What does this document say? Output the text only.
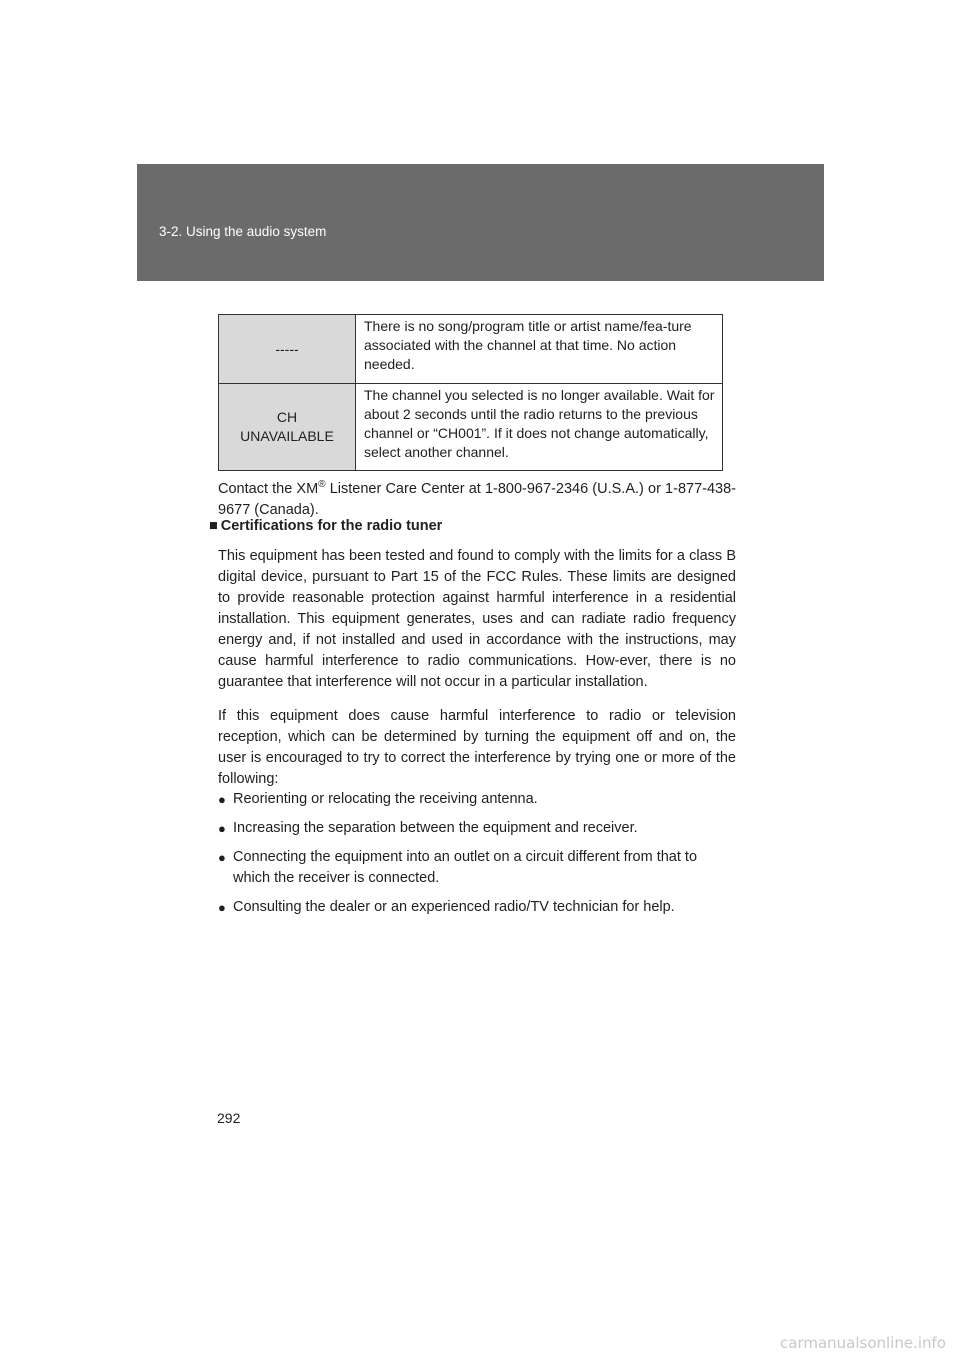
3-2. Using the audio system
-----	There is no song/program title or artist name/fea-ture associated with the channel at that time. No action needed.

CH
UNAVAILABLE	The channel you selected is no longer available. Wait for about 2 seconds until the radio returns to the previous channel or “CH001”. If it does not change automatically, select another channel.
Contact the XM® Listener Care Center at 1-800-967-2346 (U.S.A.) or 1-877-438-9677 (Canada).
■ Certifications for the radio tuner
This equipment has been tested and found to comply with the limits for a class B digital device, pursuant to Part 15 of the FCC Rules. These limits are designed to provide reasonable protection against harmful interference in a residential installation. This equipment generates, uses and can radiate radio frequency energy and, if not installed and used in accordance with the instructions, may cause harmful interference to radio communications. How-ever, there is no guarantee that interference will not occur in a particular installation.
If this equipment does cause harmful interference to radio or television reception, which can be determined by turning the equipment off and on, the user is encouraged to try to correct the interference by trying one or more of the following:
● Reorienting or relocating the receiving antenna.
● Increasing the separation between the equipment and receiver.
● Connecting the equipment into an outlet on a circuit different from that to which the receiver is connected.
● Consulting the dealer or an experienced radio/TV technician for help.
292
carmanualsonline.info
